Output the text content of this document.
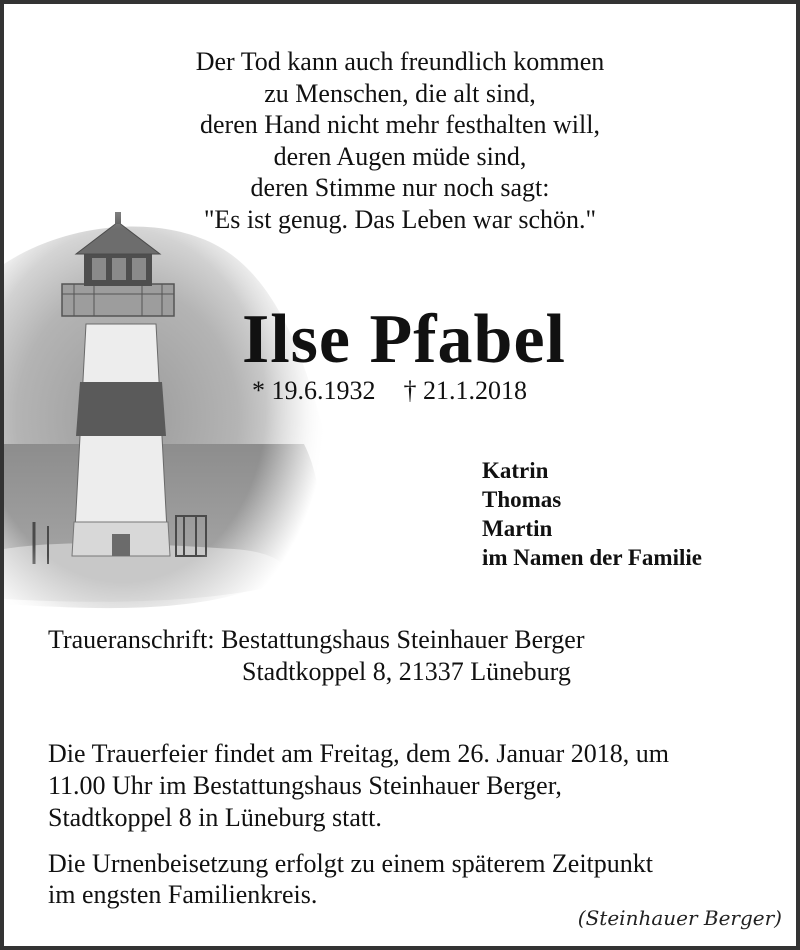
Der Tod kann auch freundlich kommen
zu Menschen, die alt sind,
deren Hand nicht mehr festhalten will,
deren Augen müde sind,
deren Stimme nur noch sagt:
"Es ist genug. Das Leben war schön."
Ilse Pfabel
* 19.6.1932 † 21.1.2018
Katrin
Thomas
Martin
im Namen der Familie
Traueranschrift: Bestattungshaus Steinhauer Berger
Stadtkoppel 8, 21337 Lüneburg
Die Trauerfeier findet am Freitag, dem 26. Januar 2018, um
11.00 Uhr im Bestattungshaus Steinhauer Berger,
Stadtkoppel 8 in Lüneburg statt.
Die Urnenbeisetzung erfolgt zu einem späterem Zeitpunkt
im engsten Familienkreis.
(Steinhauer Berger)
